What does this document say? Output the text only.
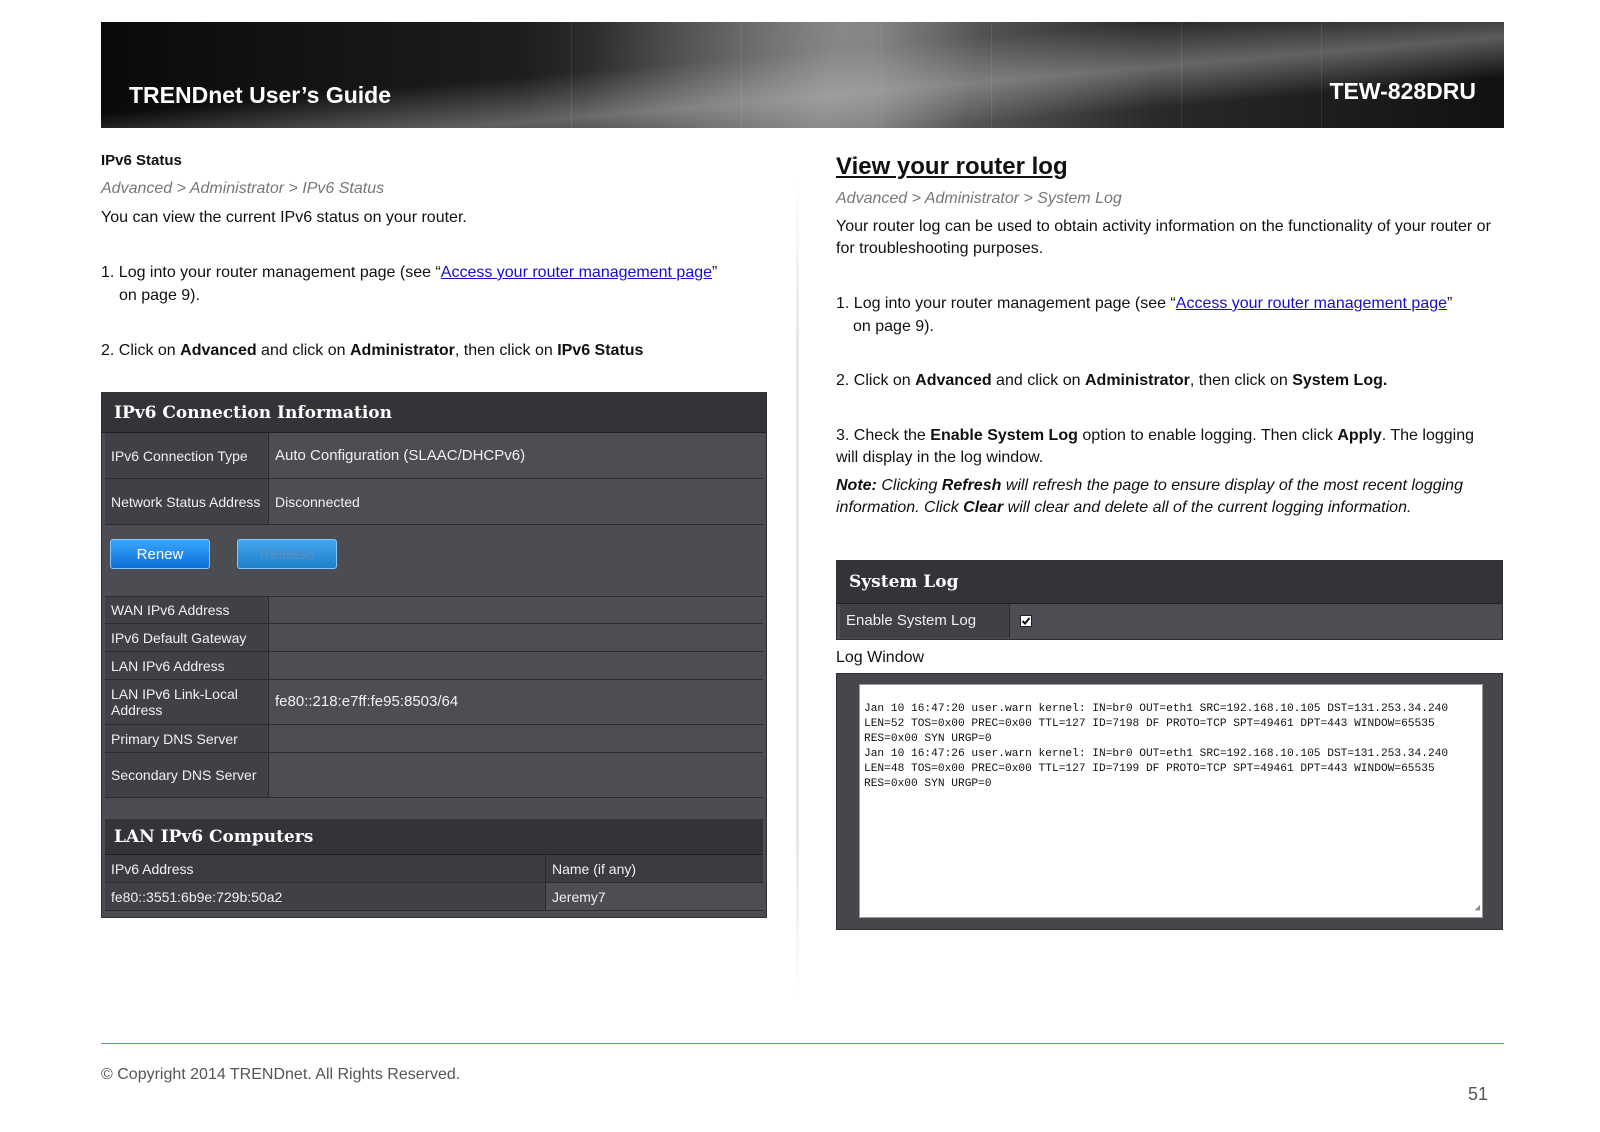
TRENDnet User’s Guide	TEW-828DRU
IPv6 Status
Advanced > Administrator > IPv6 Status
You can view the current IPv6 status on your router.
1. Log into your router management page (see “Access your router management page”
on page 9).
2. Click on Advanced and click on Administrator, then click on IPv6 Status
IPv6 Connection Information
IPv6 Connection Type	Auto Configuration (SLAAC/DHCPv6)
Network Status Address	Disconnected
Renew	Release
WAN IPv6 Address
IPv6 Default Gateway
LAN IPv6 Address
LAN IPv6 Link-Local Address	fe80::218:e7ff:fe95:8503/64
Primary DNS Server
Secondary DNS Server
LAN IPv6 Computers
IPv6 Address	Name (if any)
fe80::3551:6b9e:729b:50a2	Jeremy7
View your router log
Advanced > Administrator > System Log
Your router log can be used to obtain activity information on the functionality of your router or for troubleshooting purposes.
1. Log into your router management page (see “Access your router management page”
on page 9).
2. Click on Advanced and click on Administrator, then click on System Log.
3. Check the Enable System Log option to enable logging. Then click Apply. The logging will display in the log window.
Note: Clicking Refresh will refresh the page to ensure display of the most recent logging information. Click Clear will clear and delete all of the current logging information.
System Log
Enable System Log
Log Window

Jan 10 16:47:20 user.warn kernel: IN=br0 OUT=eth1 SRC=192.168.10.105 DST=131.253.34.240
LEN=52 TOS=0x00 PREC=0x00 TTL=127 ID=7198 DF PROTO=TCP SPT=49461 DPT=443 WINDOW=65535
RES=0x00 SYN URGP=0
Jan 10 16:47:26 user.warn kernel: IN=br0 OUT=eth1 SRC=192.168.10.105 DST=131.253.34.240
LEN=48 TOS=0x00 PREC=0x00 TTL=127 ID=7199 DF PROTO=TCP SPT=49461 DPT=443 WINDOW=65535
RES=0x00 SYN URGP=0

◢

© Copyright 2014 TRENDnet. All Rights Reserved.
51
